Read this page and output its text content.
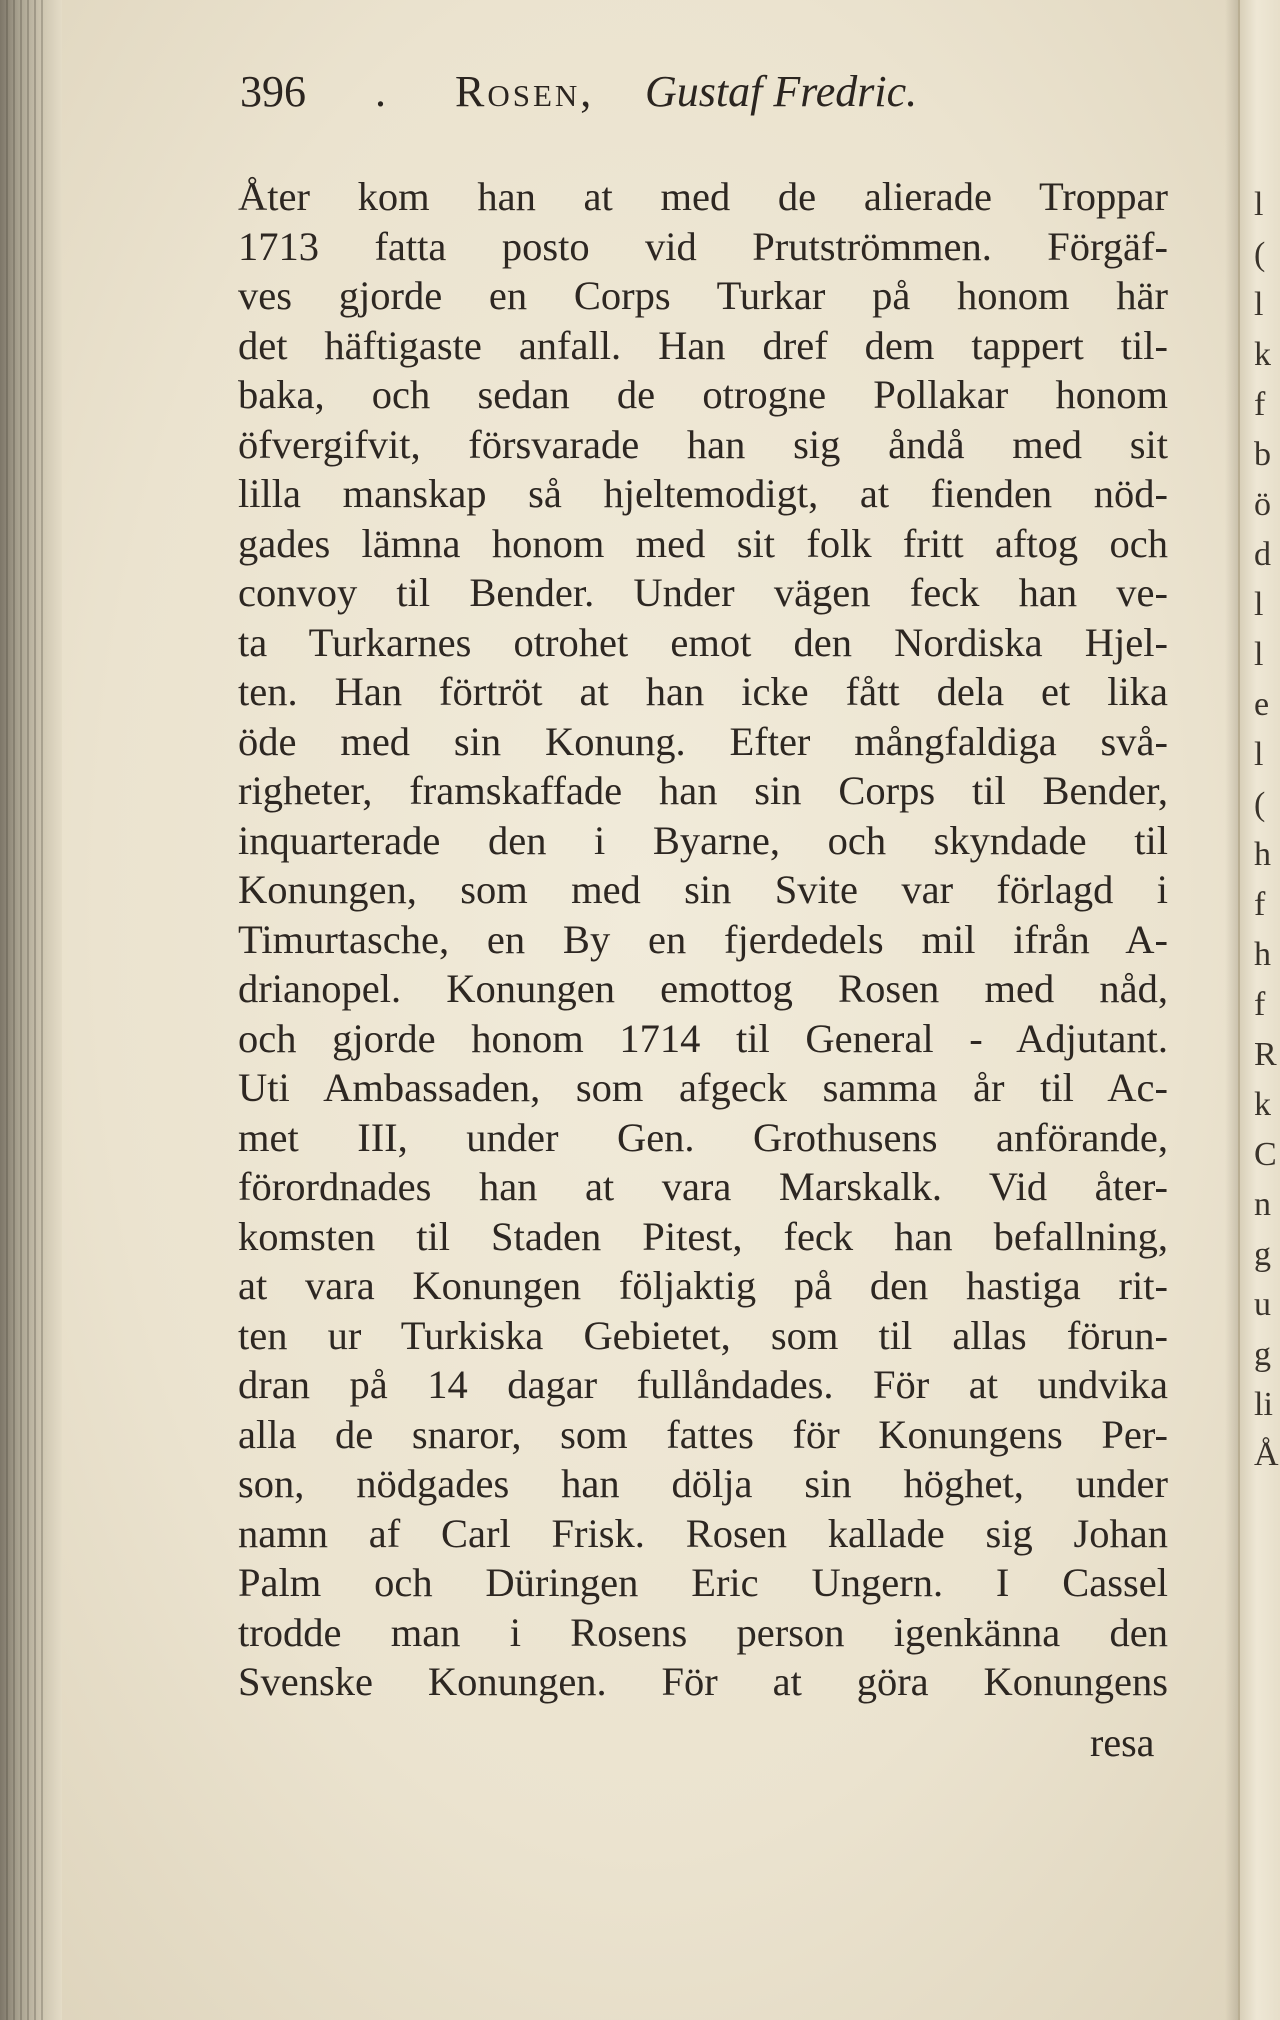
l
(
l
k
f
b
ö
d
l
l
e
l
(
h
f
h
f
R
k
C
n
g
u
g
li
Å
396 . Rosen, Gustaf Fredric.
Åter kom han at med de alierade Troppar
1713 fatta posto vid Prutströmmen. Förgäf-
ves gjorde en Corps Turkar på honom här
det häftigaste anfall. Han dref dem tappert til-
baka, och sedan de otrogne Pollakar honom
öfvergifvit, försvarade han sig åndå med sit
lilla manskap så hjeltemodigt, at fienden nöd-
gades lämna honom med sit folk fritt aftog och
convoy til Bender. Under vägen feck han ve-
ta Turkarnes otrohet emot den Nordiska Hjel-
ten. Han förtröt at han icke fått dela et lika
öde med sin Konung. Efter mångfaldiga svå-
righeter, framskaffade han sin Corps til Bender,
inquarterade den i Byarne, och skyndade til
Konungen, som med sin Svite var förlagd i
Timurtasche, en By en fjerdedels mil ifrån A-
drianopel. Konungen emottog Rosen med nåd,
och gjorde honom 1714 til General - Adjutant.
Uti Ambassaden, som afgeck samma år til Ac-
met III, under Gen. Grothusens anförande,
förordnades han at vara Marskalk. Vid åter-
komsten til Staden Pitest, feck han befallning,
at vara Konungen följaktig på den hastiga rit-
ten ur Turkiska Gebietet, som til allas förun-
dran på 14 dagar fullåndades. För at undvika
alla de snaror, som fattes för Konungens Per-
son, nödgades han dölja sin höghet, under
namn af Carl Frisk. Rosen kallade sig Johan
Palm och Düringen Eric Ungern. I Cassel
trodde man i Rosens person igenkänna den
Svenske Konungen. För at göra Konungens
resa
